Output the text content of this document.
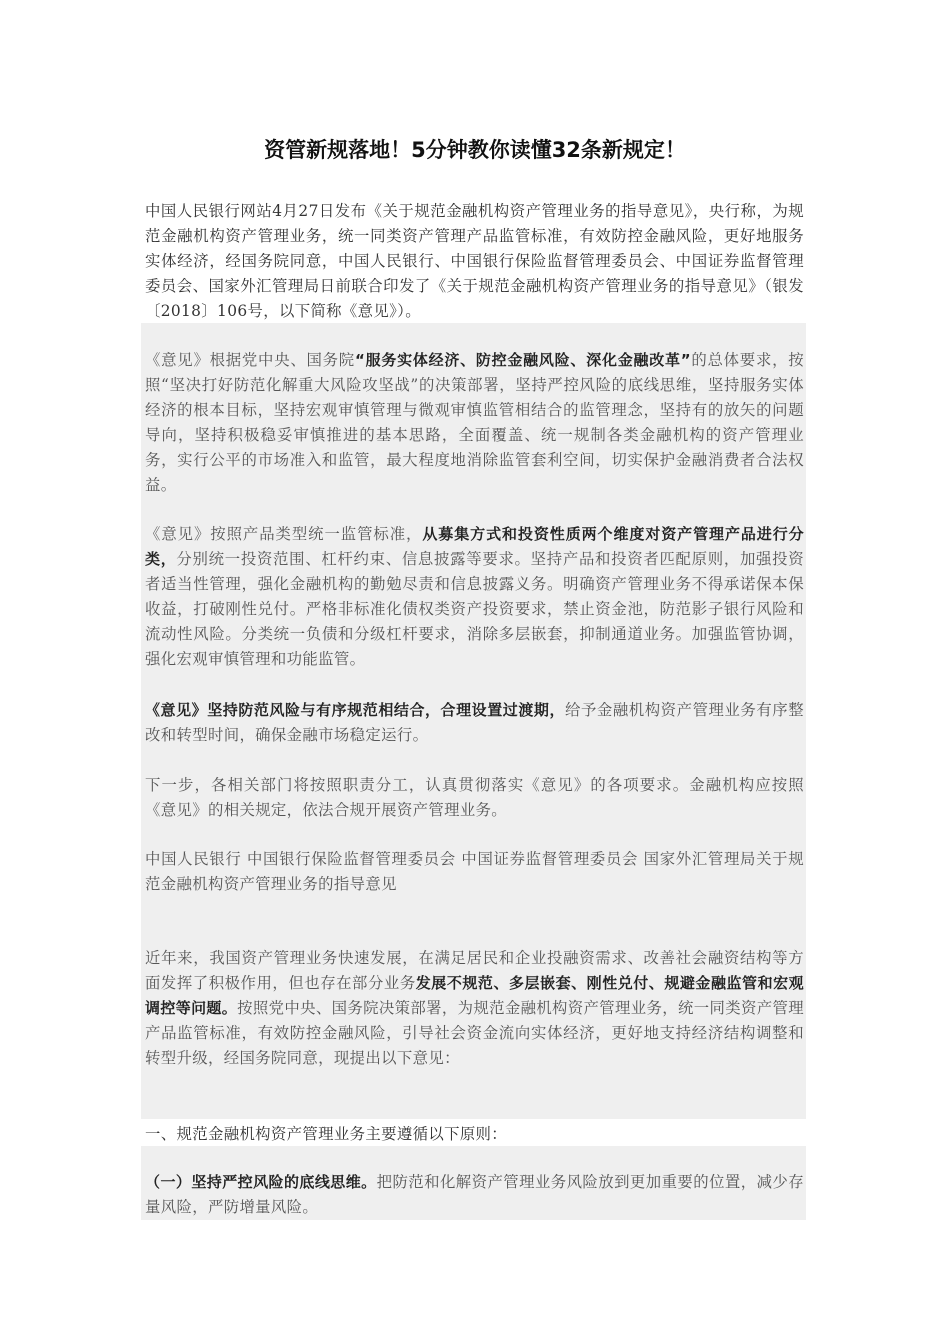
资管新规落地！5分钟教你读懂32条新规定！
中国人民银行网站4月27日发布《关于规范金融机构资产管理业务的指导意见》，央行称，为规范金融机构资产管理业务，统一同类资产管理产品监管标准，有效防控金融风险，更好地服务实体经济，经国务院同意，中国人民银行、中国银行保险监督管理委员会、中国证券监督管理委员会、国家外汇管理局日前联合印发了《关于规范金融机构资产管理业务的指导意见》（银发〔2018〕106号，以下简称《意见》）。
《意见》根据党中央、国务院“服务实体经济、防控金融风险、深化金融改革”的总体要求，按照“坚决打好防范化解重大风险攻坚战”的决策部署，坚持严控风险的底线思维，坚持服务实体经济的根本目标，坚持宏观审慎管理与微观审慎监管相结合的监管理念，坚持有的放矢的问题导向，坚持积极稳妥审慎推进的基本思路，全面覆盖、统一规制各类金融机构的资产管理业务，实行公平的市场准入和监管，最大程度地消除监管套利空间，切实保护金融消费者合法权益。
《意见》按照产品类型统一监管标准，从募集方式和投资性质两个维度对资产管理产品进行分类，分别统一投资范围、杠杆约束、信息披露等要求。坚持产品和投资者匹配原则，加强投资者适当性管理，强化金融机构的勤勉尽责和信息披露义务。明确资产管理业务不得承诺保本保收益，打破刚性兑付。严格非标准化债权类资产投资要求，禁止资金池，防范影子银行风险和流动性风险。分类统一负债和分级杠杆要求，消除多层嵌套，抑制通道业务。加强监管协调，强化宏观审慎管理和功能监管。
《意见》坚持防范风险与有序规范相结合，合理设置过渡期，给予金融机构资产管理业务有序整改和转型时间，确保金融市场稳定运行。
下一步，各相关部门将按照职责分工，认真贯彻落实《意见》的各项要求。金融机构应按照《意见》的相关规定，依法合规开展资产管理业务。
中国人民银行 中国银行保险监督管理委员会 中国证券监督管理委员会 国家外汇管理局关于规范金融机构资产管理业务的指导意见
近年来，我国资产管理业务快速发展，在满足居民和企业投融资需求、改善社会融资结构等方面发挥了积极作用，但也存在部分业务发展不规范、多层嵌套、刚性兑付、规避金融监管和宏观调控等问题。按照党中央、国务院决策部署，为规范金融机构资产管理业务，统一同类资产管理产品监管标准，有效防控金融风险，引导社会资金流向实体经济，更好地支持经济结构调整和转型升级，经国务院同意，现提出以下意见：
一、规范金融机构资产管理业务主要遵循以下原则：
（一）坚持严控风险的底线思维。把防范和化解资产管理业务风险放到更加重要的位置，减少存量风险，严防增量风险。
